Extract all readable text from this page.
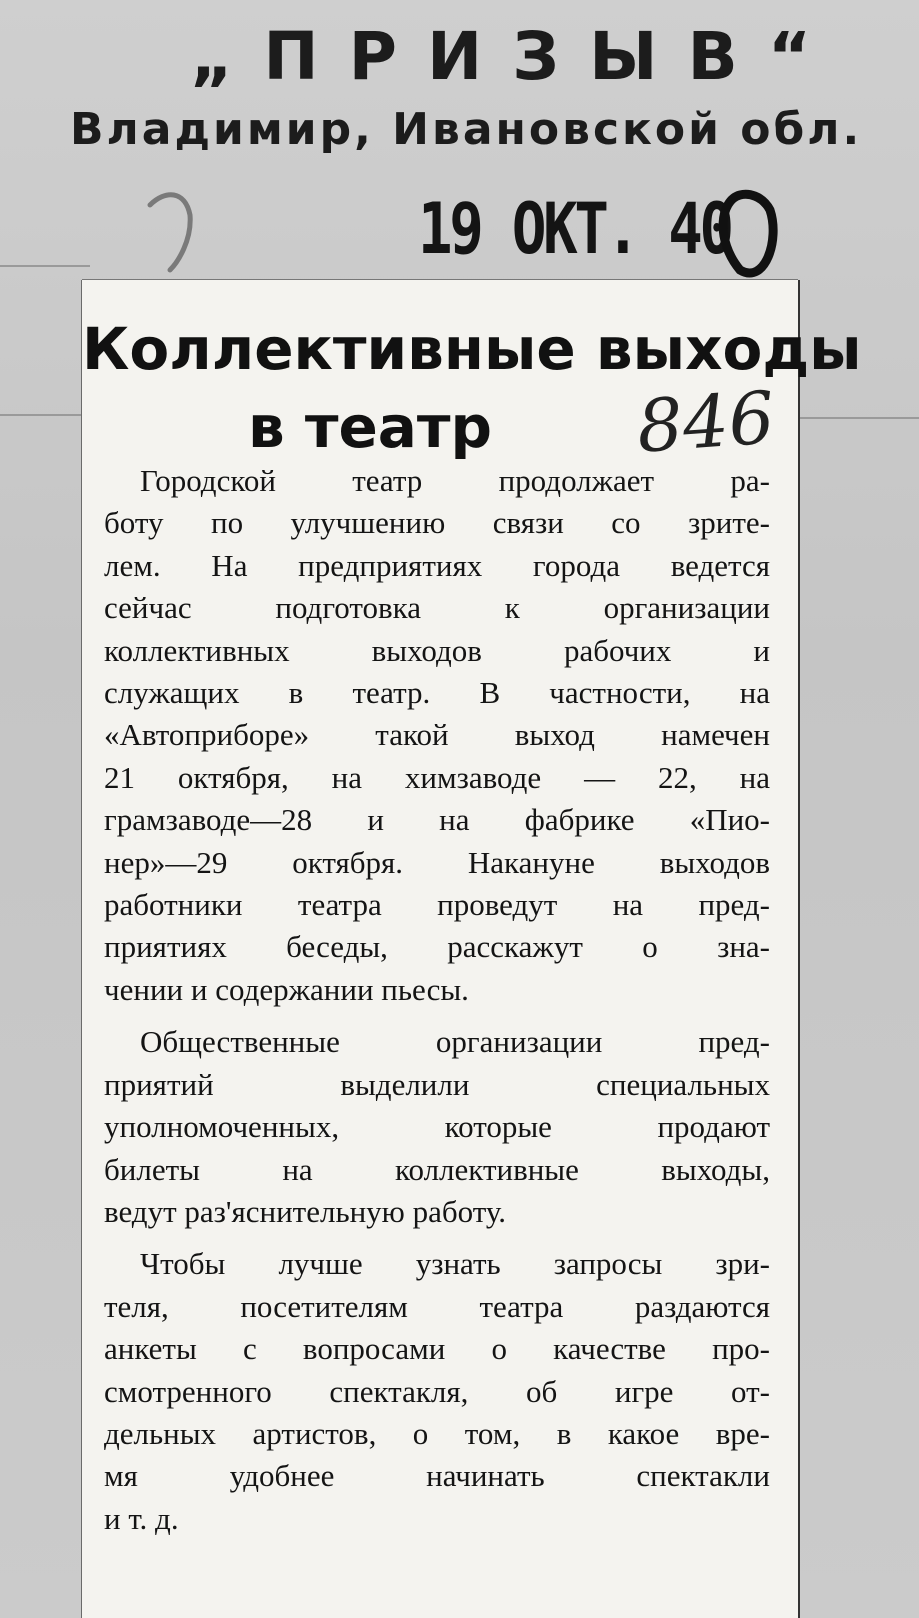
„ПРИЗЫВ“
Владимир, Ивановской обл.
19 ОКТ. 40
Коллективные выходы
в театр	846
Городской театр продолжает ра-
боту по улучшению связи со зрите-
лем. На предприятиях города ведется
сейчас подготовка к организации
коллективных выходов рабочих и
служащих в театр. В частности, на
«Автоприборе» такой выход намечен
21 октября, на химзаводе — 22, на
грамзаводе—28 и на фабрике «Пио-
нер»—29 октября. Накануне выходов
работники театра проведут на пред-
приятиях беседы, расскажут о зна-
чении и содержании пьесы.
Общественные организации пред-
приятий выделили специальных
уполномоченных, которые продают
билеты на коллективные выходы,
ведут раз'яснительную работу.
Чтобы лучше узнать запросы зри-
теля, посетителям театра раздаются
анкеты с вопросами о качестве про-
смотренного спектакля, об игре от-
дельных артистов, о том, в какое вре-
мя удобнее начинать спектакли
и т. д.
